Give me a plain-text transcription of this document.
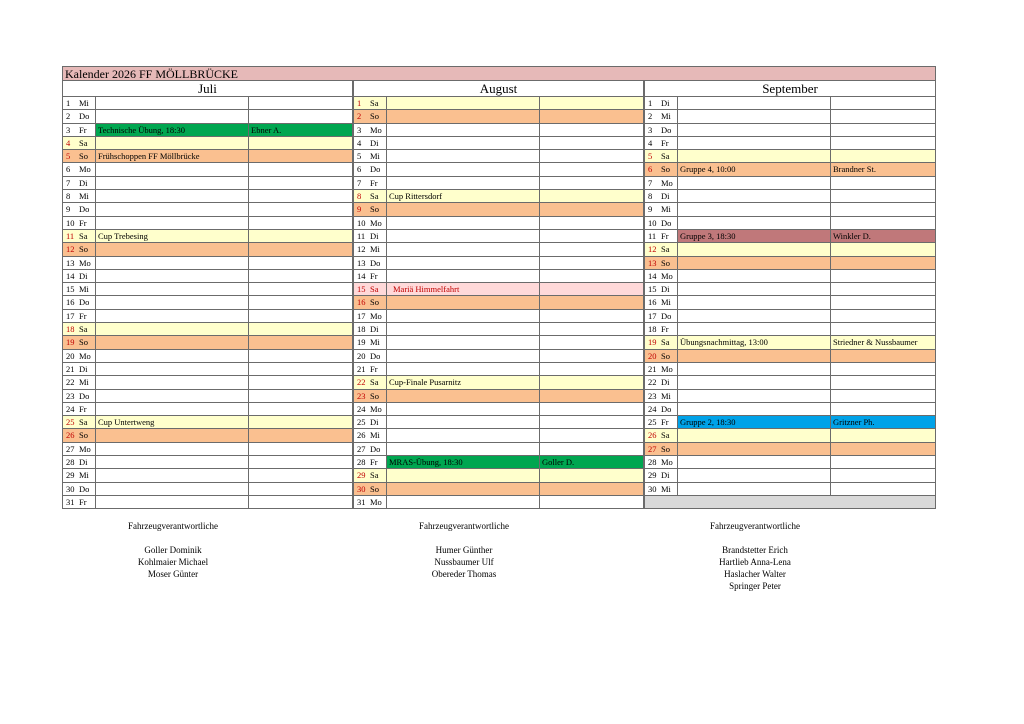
Kalender 2026 FF MÖLLBRÜCKE
Juli
1	Mi
2	Do
3	Fr	Technische Übung, 18:30	Ebner A.
4	Sa
5	So	Frühschoppen FF Möllbrücke
6	Mo
7	Di
8	Mi
9	Do
10 Fr
11 Sa	Cup Trebesing
12 So
13 Mo
14 Di
15 Mi
16 Do
17 Fr
18 Sa
19 So
20 Mo
21 Di
22 Mi
23 Do
24 Fr
25 Sa	Cup Untertweng
26 So
27 Mo
28 Di
29 Mi
30 Do
31 Fr
August
1	Sa
2	So
3	Mo
4	Di
5	Mi
6	Do
7	Fr
8	Sa	Cup Rittersdorf
9	So
10 Mo
11 Di
12 Mi
13 Do
14 Fr
15 Sa	Mariä Himmelfahrt
16 So
17 Mo
18 Di
19 Mi
20 Do
21 Fr
22 Sa	Cup-Finale Pusarnitz
23 So
24 Mo
25 Di
26 Mi
27 Do
28 Fr	MRAS-Übung, 18:30	Goller D.
29 Sa
30 So
31 Mo
September
1	Di
2	Mi
3	Do
4	Fr
5	Sa
6	So	Gruppe 4, 10:00	Brandner St.
7	Mo
8	Di
9	Mi
10 Do
11 Fr	Gruppe 3, 18:30	Winkler D.
12 Sa
13 So
14 Mo
15 Di
16 Mi
17 Do
18 Fr
19 Sa	Übungsnachmittag, 13:00	Striedner & Nussbaumer
20 So
21 Mo
22 Di
23 Mi
24 Do
25 Fr	Gruppe 2, 18:30	Gritzner Ph.
26 Sa
27 So
28 Mo
29 Di
30 Mi
Fahrzeugverantwortliche
Goller Dominik
Kohlmaier Michael
Moser Günter
Fahrzeugverantwortliche
Humer Günther
Nussbaumer Ulf
Obereder Thomas
Fahrzeugverantwortliche
Brandstetter Erich
Hartlieb Anna-Lena
Haslacher Walter
Springer Peter
